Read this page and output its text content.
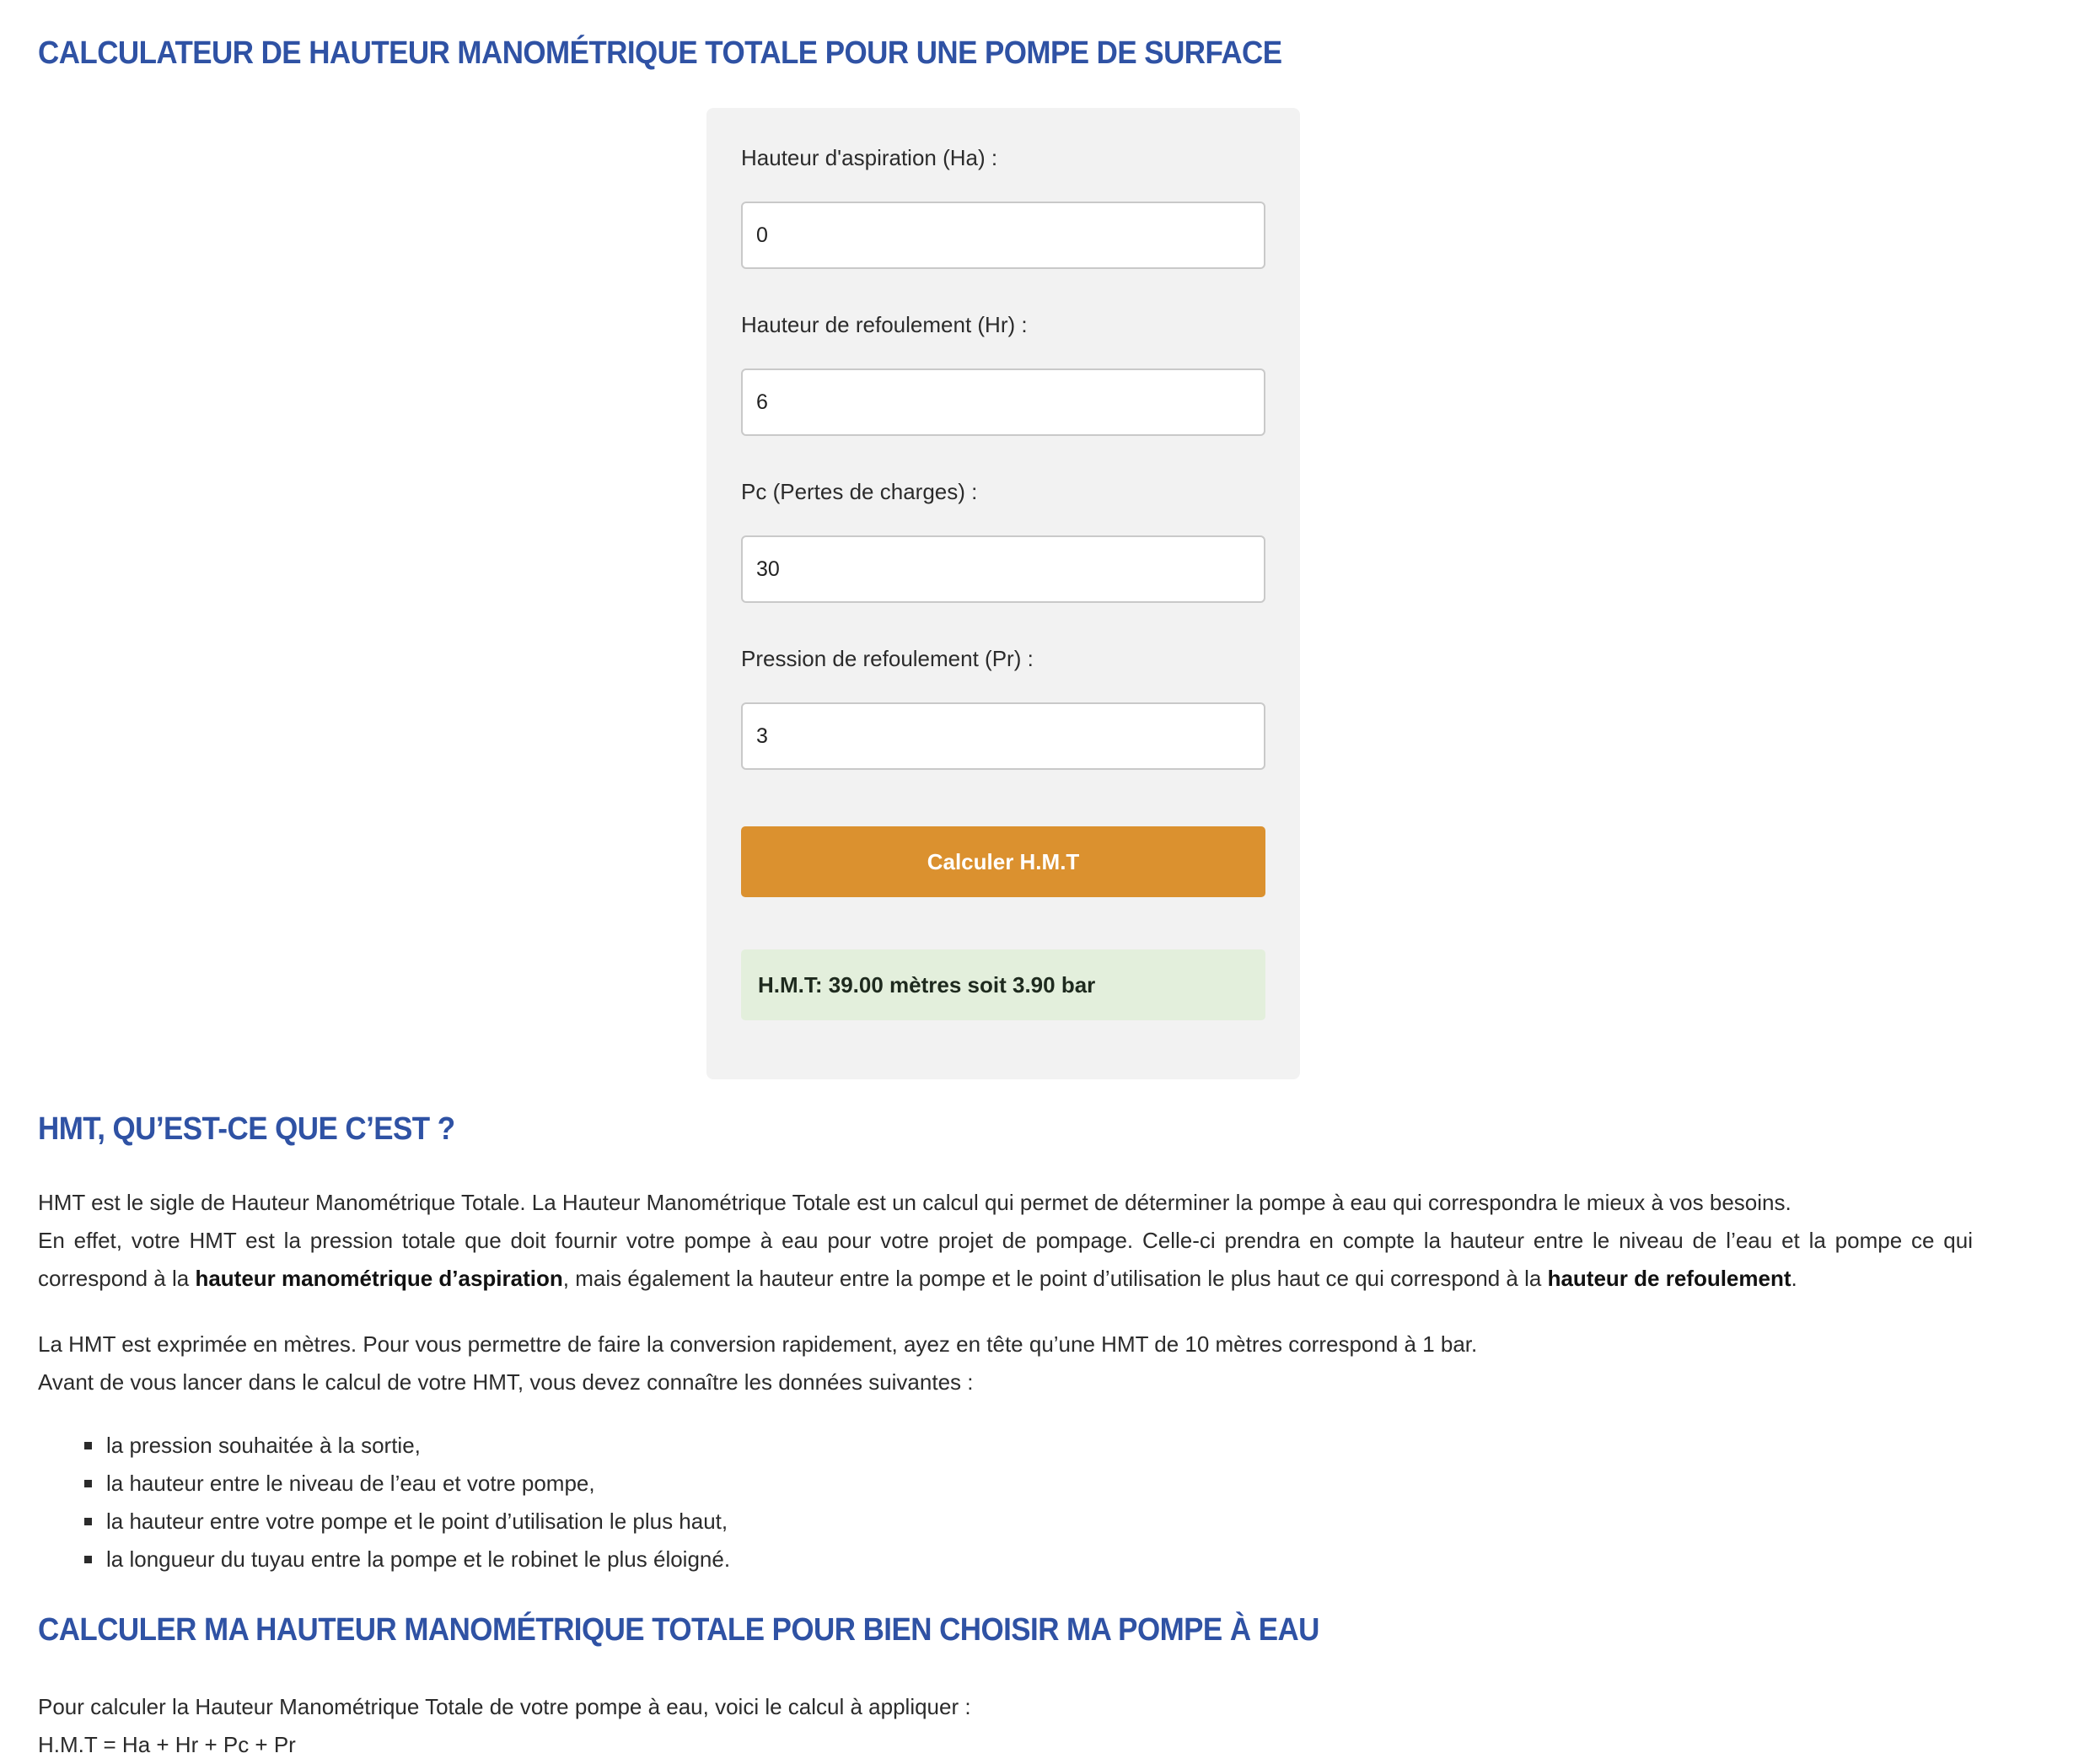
CALCULATEUR DE HAUTEUR MANOMÉTRIQUE TOTALE POUR UNE POMPE DE SURFACE
Hauteur d'aspiration (Ha) :
0
Hauteur de refoulement (Hr) :
6
Pc (Pertes de charges) :
30
Pression de refoulement (Pr) :
3
Calculer H.M.T
H.M.T: 39.00 mètres soit 3.90 bar
HMT, QU’EST-CE QUE C’EST ?

HMT est le sigle de Hauteur Manométrique Totale. La Hauteur Manométrique Totale est un calcul qui permet de déterminer la pompe à eau qui correspondra le mieux à vos besoins.
En effet, votre HMT est la pression totale que doit fournir votre pompe à eau pour votre projet de pompage. Celle-ci prendra en compte la hauteur entre le niveau de l’eau et la pompe ce qui correspond à la hauteur manométrique d’aspiration, mais également la hauteur entre la pompe et le point d’utilisation le plus haut ce qui correspond à la hauteur de refoulement.

La HMT est exprimée en mètres. Pour vous permettre de faire la conversion rapidement, ayez en tête qu’une HMT de 10 mètres correspond à 1 bar.
Avant de vous lancer dans le calcul de votre HMT, vous devez connaître les données suivantes :

la pression souhaitée à la sortie,
la hauteur entre le niveau de l’eau et votre pompe,
la hauteur entre votre pompe et le point d’utilisation le plus haut,
la longueur du tuyau entre la pompe et le robinet le plus éloigné.
CALCULER MA HAUTEUR MANOMÉTRIQUE TOTALE POUR BIEN CHOISIR MA POMPE À EAU

Pour calculer la Hauteur Manométrique Totale de votre pompe à eau, voici le calcul à appliquer :
H.M.T = Ha + Hr + Pc + Pr
